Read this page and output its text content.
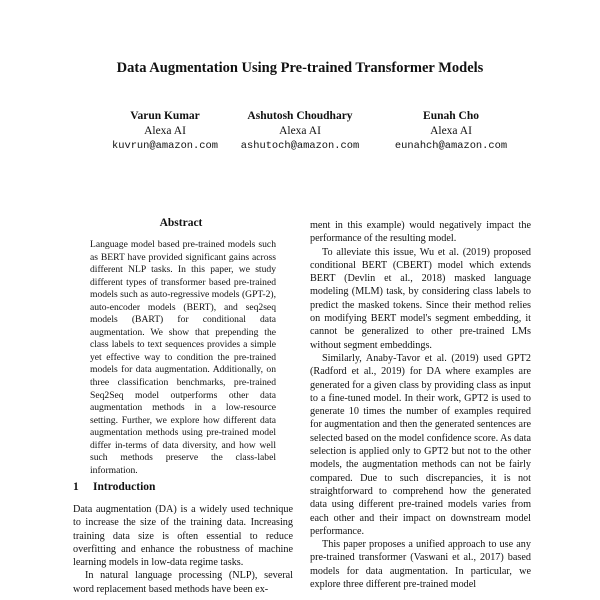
Data Augmentation Using Pre-trained Transformer Models
Varun Kumar
Alexa AI
kuvrun@amazon.com
Ashutosh Choudhary
Alexa AI
ashutoch@amazon.com
Eunah Cho
Alexa AI
eunahch@amazon.com
Abstract

Language model based pre-trained models such as BERT have provided significant gains across different NLP tasks. In this paper, we study different types of transformer based pre-trained models such as auto-regressive models (GPT-2), auto-encoder models (BERT), and seq2seq models (BART) for conditional data augmentation. We show that prepending the class labels to text sequences provides a simple yet effective way to condition the pre-trained models for data augmentation. Additionally, on three classification benchmarks, pre-trained Seq2Seq model outperforms other data augmentation methods in a low-resource setting. Further, we explore how different data augmentation methods using pre-trained model differ in-terms of data diversity, and how well such methods preserve the class-label information.

1 Introduction

Data augmentation (DA) is a widely used technique to increase the size of the training data. Increasing training data size is often essential to reduce overfitting and enhance the robustness of machine learning models in low-data regime tasks.

In natural language processing (NLP), several word replacement based methods have been ex-

ment in this example) would negatively impact the performance of the resulting model.

To alleviate this issue, Wu et al. (2019) proposed conditional BERT (CBERT) model which extends BERT (Devlin et al., 2018) masked language modeling (MLM) task, by considering class labels to predict the masked tokens. Since their method relies on modifying BERT model's segment embedding, it cannot be generalized to other pre-trained LMs without segment embeddings.

Similarly, Anaby-Tavor et al. (2019) used GPT2 (Radford et al., 2019) for DA where examples are generated for a given class by providing class as input to a fine-tuned model. In their work, GPT2 is used to generate 10 times the number of examples required for augmentation and then the generated sentences are selected based on the model confidence score. As data selection is applied only to GPT2 but not to the other models, the augmentation methods can not be fairly compared. Due to such discrepancies, it is not straightforward to comprehend how the generated data using different pre-trained models varies from each other and their impact on downstream model performance.

This paper proposes a unified approach to use any pre-trained transformer (Vaswani et al., 2017) based models for data augmentation. In particular, we explore three different pre-trained model
